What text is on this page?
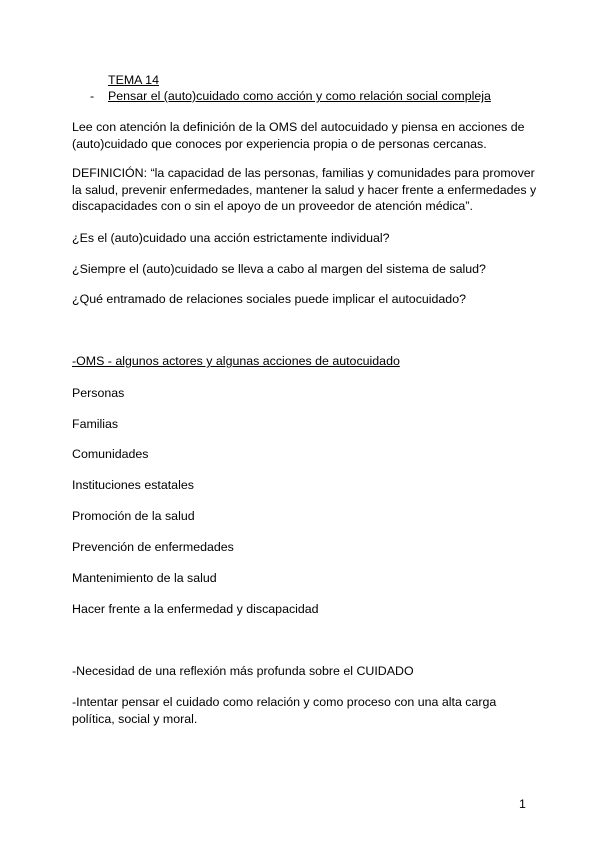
TEMA 14
- Pensar el (auto)cuidado como acción y como relación social compleja
Lee con atención la definición de la OMS del autocuidado y piensa en acciones de
(auto)cuidado que conoces por experiencia propia o de personas cercanas.
DEFINICIÓN: “la capacidad de las personas, familias y comunidades para promover
la salud, prevenir enfermedades, mantener la salud y hacer frente a enfermedades y
discapacidades con o sin el apoyo de un proveedor de atención médica”.
¿Es el (auto)cuidado una acción estrictamente individual?
¿Siempre el (auto)cuidado se lleva a cabo al margen del sistema de salud?
¿Qué entramado de relaciones sociales puede implicar el autocuidado?
-OMS - algunos actores y algunas acciones de autocuidado
Personas
Familias
Comunidades
Instituciones estatales
Promoción de la salud
Prevención de enfermedades
Mantenimiento de la salud
Hacer frente a la enfermedad y discapacidad
-Necesidad de una reflexión más profunda sobre el CUIDADO
-Intentar pensar el cuidado como relación y como proceso con una alta carga
política, social y moral.
1
